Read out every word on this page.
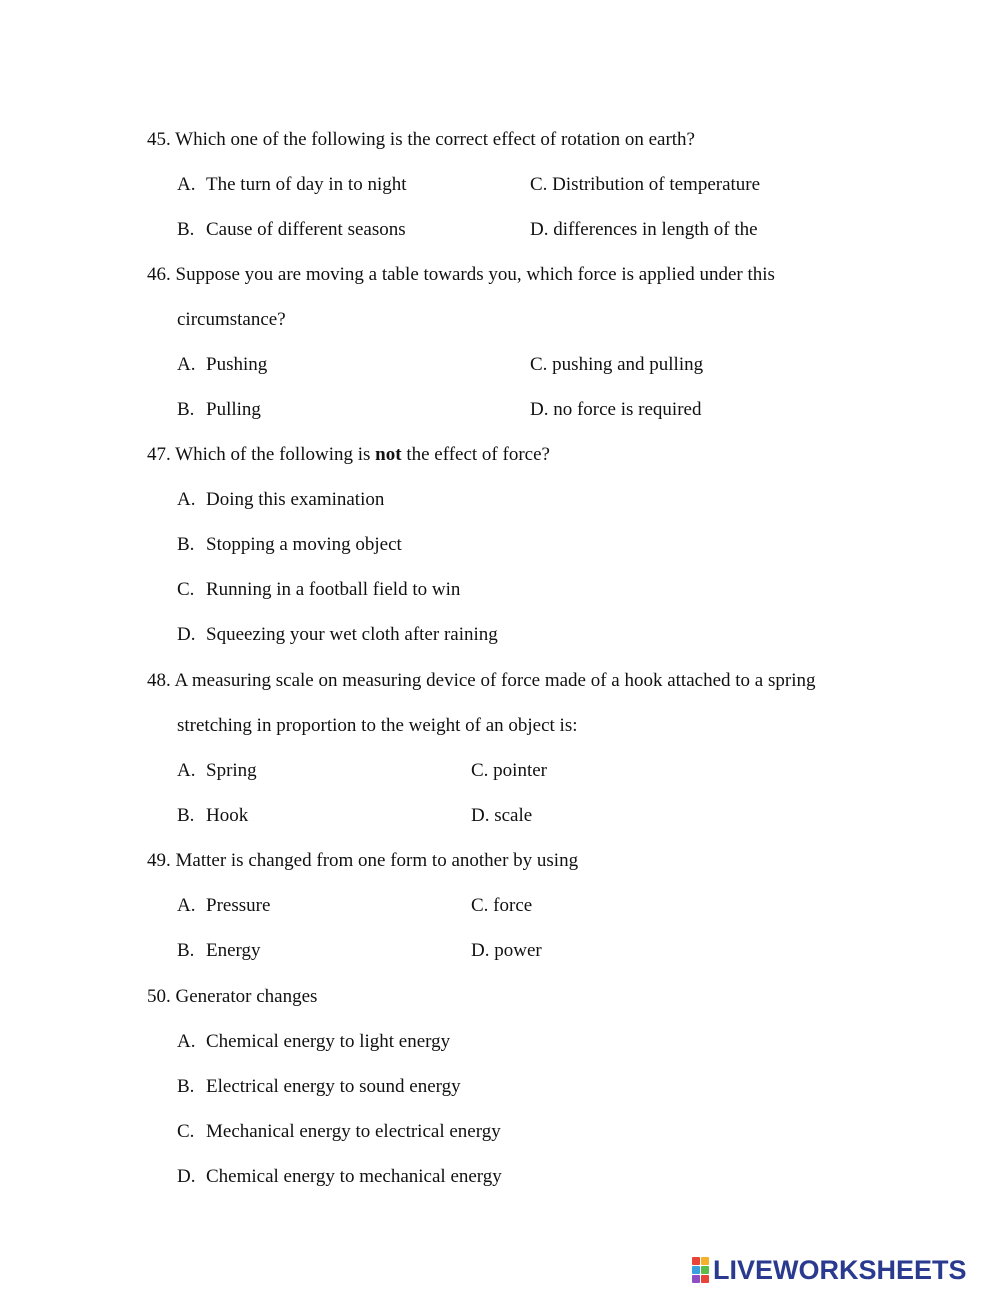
45. Which one of the following is the correct effect of rotation on earth?
A. The turn of day in to night	C. Distribution of temperature
B. Cause of different seasons	D. differences in length of the
46. Suppose you are moving a table towards you, which force is applied under this
circumstance?
A. Pushing	C. pushing and pulling
B. Pulling	D. no force is required
47. Which of the following is not the effect of force?
A. Doing this examination
B. Stopping a moving object
C. Running in a football field to win
D. Squeezing your wet cloth after raining
48. A measuring scale on measuring device of force made of a hook attached to a spring
stretching in proportion to the weight of an object is:
A. Spring	C. pointer
B. Hook	D. scale
49. Matter is changed from one form to another by using
A. Pressure	C. force
B. Energy	D. power
50. Generator changes
A. Chemical energy to light energy
B. Electrical energy to sound energy
C. Mechanical energy to electrical energy
D. Chemical energy to mechanical energy
LIVEWORKSHEETS
